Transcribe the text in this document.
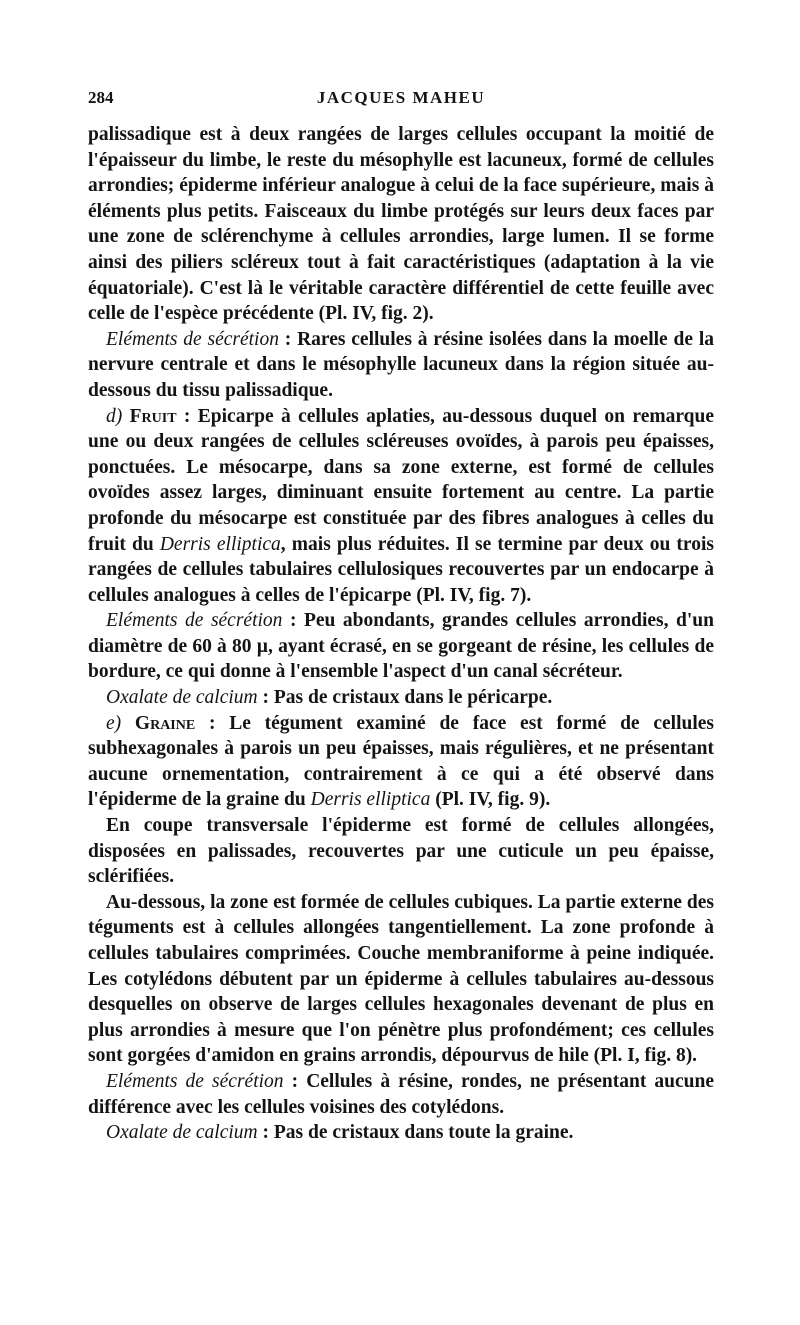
284	JACQUES MAHEU

palissadique est à deux rangées de larges cellules occupant la moitié de l'épaisseur du limbe, le reste du mésophylle est lacuneux, formé de cellules arrondies; épiderme inférieur analogue à celui de la face supérieure, mais à éléments plus petits. Faisceaux du limbe protégés sur leurs deux faces par une zone de sclérenchyme à cellules arrondies, large lumen. Il se forme ainsi des piliers scléreux tout à fait caractéristiques (adaptation à la vie équatoriale). C'est là le véritable caractère différentiel de cette feuille avec celle de l'espèce précédente (Pl. IV, fig. 2).

Eléments de sécrétion : Rares cellules à résine isolées dans la moelle de la nervure centrale et dans le mésophylle lacuneux dans la région située au-dessous du tissu palissadique.

d) Fruit : Epicarpe à cellules aplaties, au-dessous duquel on remarque une ou deux rangées de cellules scléreuses ovoïdes, à parois peu épaisses, ponctuées. Le mésocarpe, dans sa zone externe, est formé de cellules ovoïdes assez larges, diminuant ensuite fortement au centre. La partie profonde du mésocarpe est constituée par des fibres analogues à celles du fruit du Derris elliptica, mais plus réduites. Il se termine par deux ou trois rangées de cellules tabulaires cellulosiques recouvertes par un endocarpe à cellules analogues à celles de l'épicarpe (Pl. IV, fig. 7).

Eléments de sécrétion : Peu abondants, grandes cellules arrondies, d'un diamètre de 60 à 80 µ, ayant écrasé, en se gorgeant de résine, les cellules de bordure, ce qui donne à l'ensemble l'aspect d'un canal sécréteur.

Oxalate de calcium : Pas de cristaux dans le péricarpe.

e) Graine : Le tégument examiné de face est formé de cellules subhexagonales à parois un peu épaisses, mais régulières, et ne présentant aucune ornementation, contrairement à ce qui a été observé dans l'épiderme de la graine du Derris elliptica (Pl. IV, fig. 9).

En coupe transversale l'épiderme est formé de cellules allongées, disposées en palissades, recouvertes par une cuticule un peu épaisse, sclérifiées.

Au-dessous, la zone est formée de cellules cubiques. La partie externe des téguments est à cellules allongées tangentiellement. La zone profonde à cellules tabulaires comprimées. Couche membraniforme à peine indiquée. Les cotylédons débutent par un épiderme à cellules tabulaires au-dessous desquelles on observe de larges cellules hexagonales devenant de plus en plus arrondies à mesure que l'on pénètre plus profondément; ces cellules sont gorgées d'amidon en grains arrondis, dépourvus de hile (Pl. I, fig. 8).

Eléments de sécrétion : Cellules à résine, rondes, ne présentant aucune différence avec les cellules voisines des cotylédons.

Oxalate de calcium : Pas de cristaux dans toute la graine.
